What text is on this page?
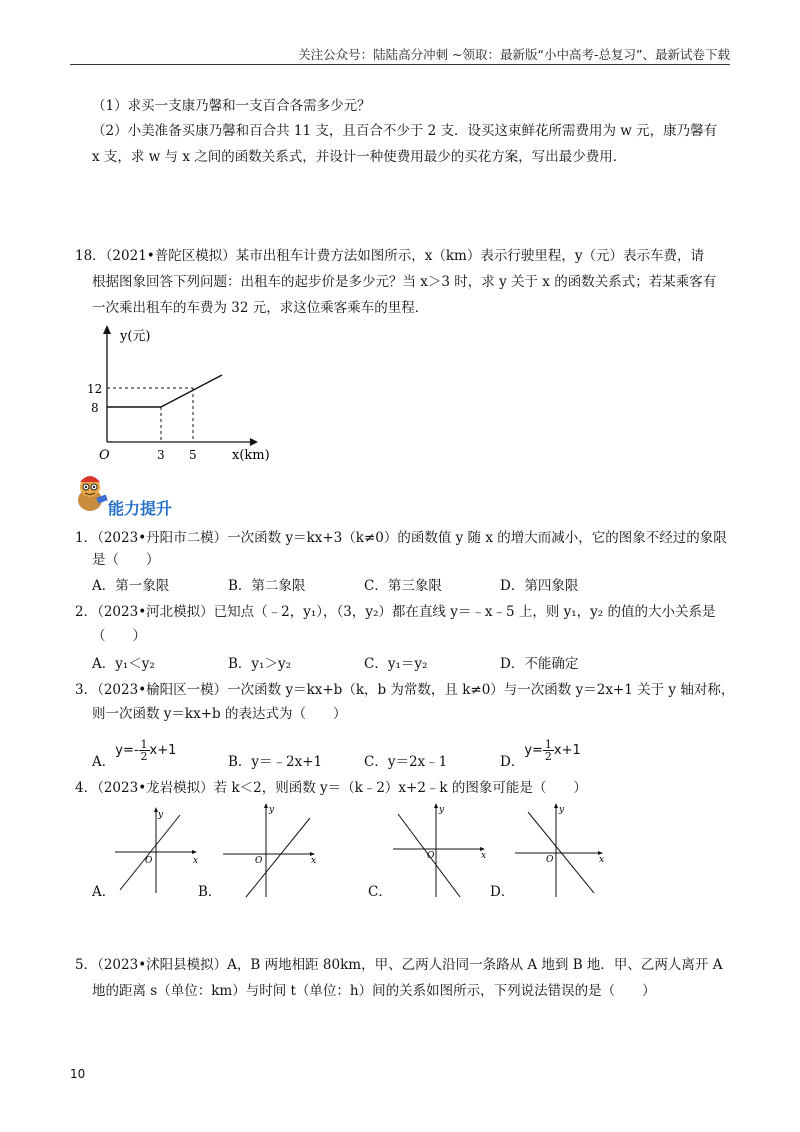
关注公众号：陆陆高分冲刺 ~领取：最新版“小中高考-总复习”、最新试卷下载
（1）求买一支康乃馨和一支百合各需多少元？
（2）小美准备买康乃馨和百合共 11 支，且百合不少于 2 支．设买这束鲜花所需费用为 w 元，康乃馨有
x 支，求 w 与 x 之间的函数关系式，并设计一种使费用最少的买花方案，写出最少费用．
18．（2021•普陀区模拟）某市出租车计费方法如图所示，x（km）表示行驶里程，y（元）表示车费，请
根据图象回答下列问题：出租车的起步价是多少元？当 x＞3 时，求 y 关于 x 的函数关系式；若某乘客有
一次乘出租车的车费为 32 元，求这位乘客乘车的里程．
y(元)
x(km)
O
8
12
3 5
能力提升
1．（2023•丹阳市二模）一次函数 y＝kx+3（k≠0）的函数值 y 随 x 的增大而减小，它的图象不经过的象限
是（　　）
A．第一象限	B．第二象限	C．第三象限	D．第四象限
2．（2023•河北模拟）已知点（﹣2，y₁），（3，y₂）都在直线 y＝﹣x﹣5 上，则 y₁，y₂ 的值的大小关系是
（　　）
A．y₁＜y₂	B．y₁＞y₂	C．y₁＝y₂	D．不能确定
3．（2023•榆阳区一模）一次函数 y＝kx+b（k，b 为常数，且 k≠0）与一次函数 y＝2x+1 关于 y 轴对称，
则一次函数 y＝kx+b 的表达式为（　　）
A．$y=- \frac{1}{2} x+1$
B．y＝﹣2x+1	C．y＝2x﹣1	D．$y= \frac{1}{2} x+1$
4．（2023•龙岩模拟）若 k＜2，则函数 y＝（k﹣2）x+2﹣k 的图象可能是（　　）
y
x
O
A．
y
x
O
B．
y
x
O
C．
y
x
O
D．
5．（2023•沭阳县模拟）A，B 两地相距 80km，甲、乙两人沿同一条路从 A 地到 B 地．甲、乙两人离开 A
地的距离 s（单位：km）与时间 t（单位：h）间的关系如图所示，下列说法错误的是（　　）
10
